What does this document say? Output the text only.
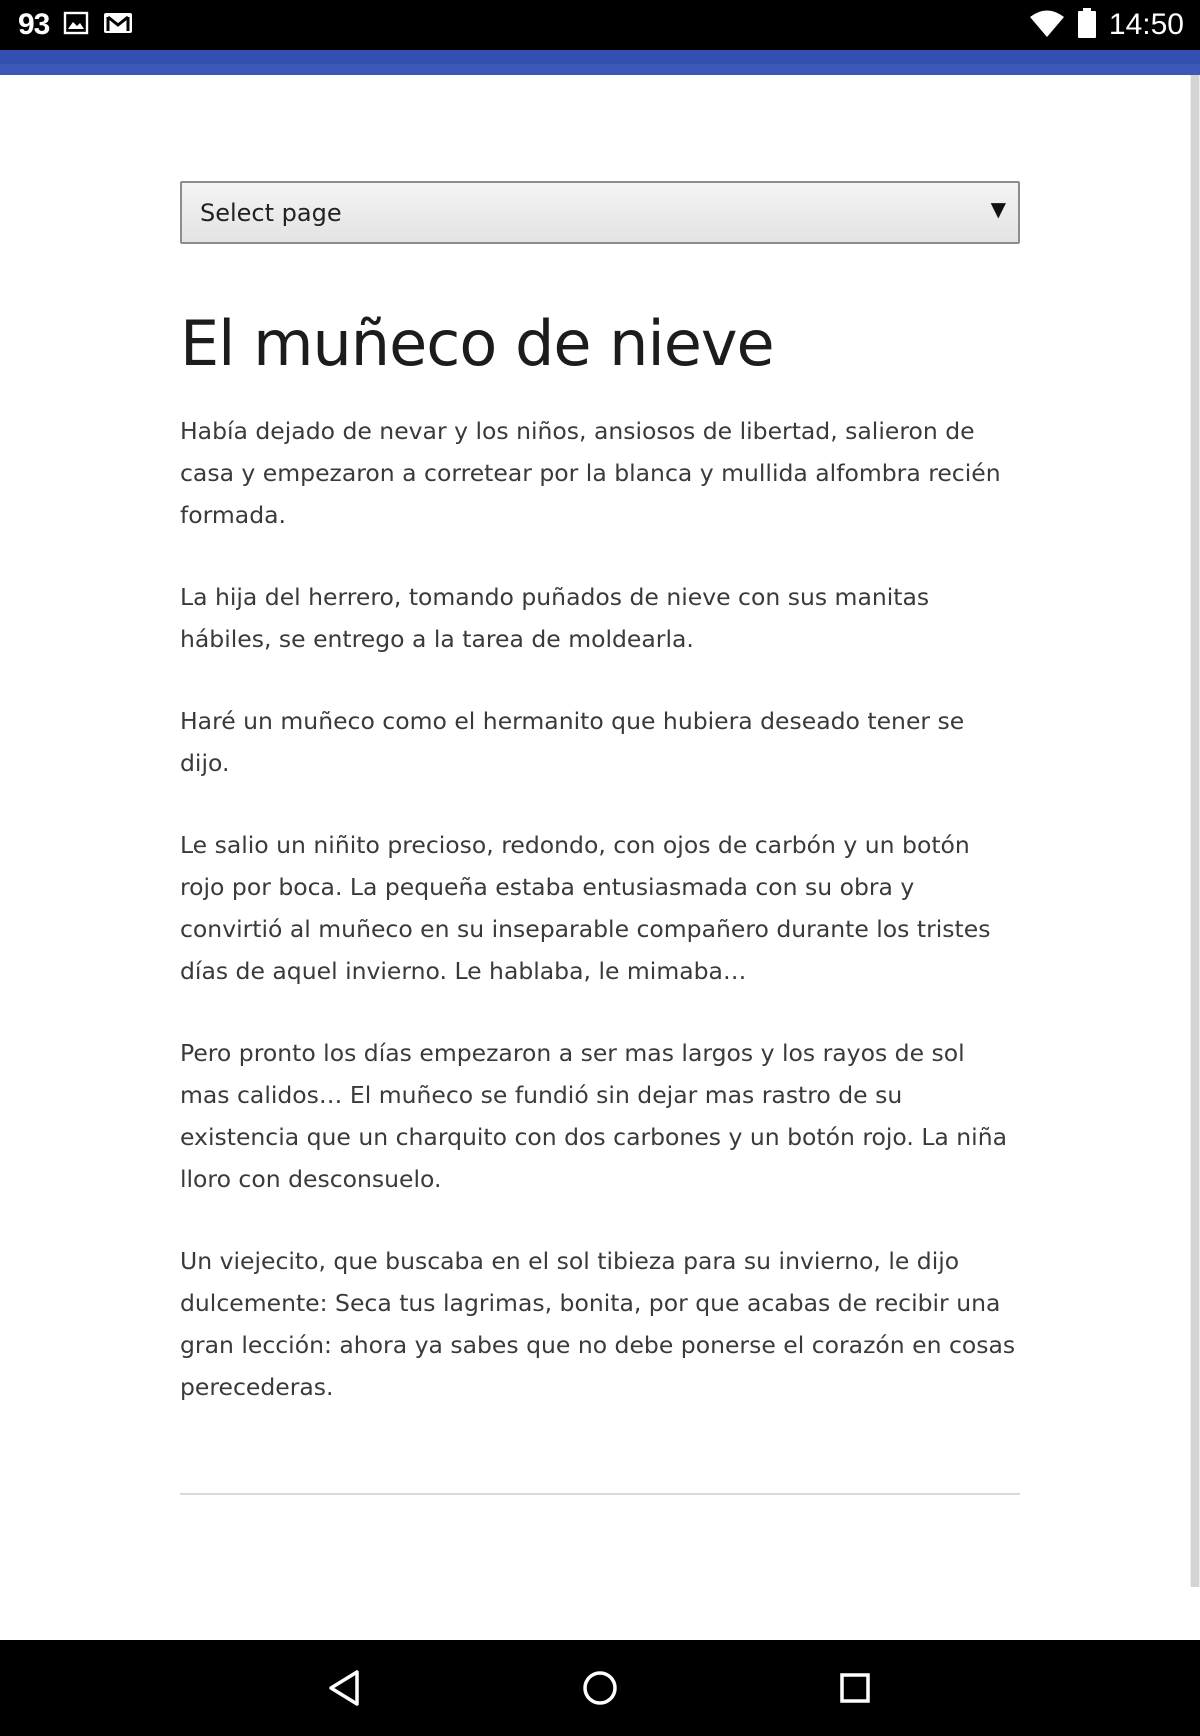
93	14:50
Select page	▼
El muñeco de nieve

Había dejado de nevar y los niños, ansiosos de libertad, salieron de casa y empezaron a corretear por la blanca y mullida alfombra recién formada.

La hija del herrero, tomando puñados de nieve con sus manitas hábiles, se entrego a la tarea de moldearla.

Haré un muñeco como el hermanito que hubiera deseado tener se dijo.

Le salio un niñito precioso, redondo, con ojos de carbón y un botón rojo por boca. La pequeña estaba entusiasmada con su obra y convirtió al muñeco en su inseparable compañero durante los tristes días de aquel invierno. Le hablaba, le mimaba…

Pero pronto los días empezaron a ser mas largos y los rayos de sol mas calidos… El muñeco se fundió sin dejar mas rastro de su existencia que un charquito con dos carbones y un botón rojo. La niña lloro con desconsuelo.

Un viejecito, que buscaba en el sol tibieza para su invierno, le dijo dulcemente: Seca tus lagrimas, bonita, por que acabas de recibir una gran lección: ahora ya sabes que no debe ponerse el corazón en cosas perecederas.
